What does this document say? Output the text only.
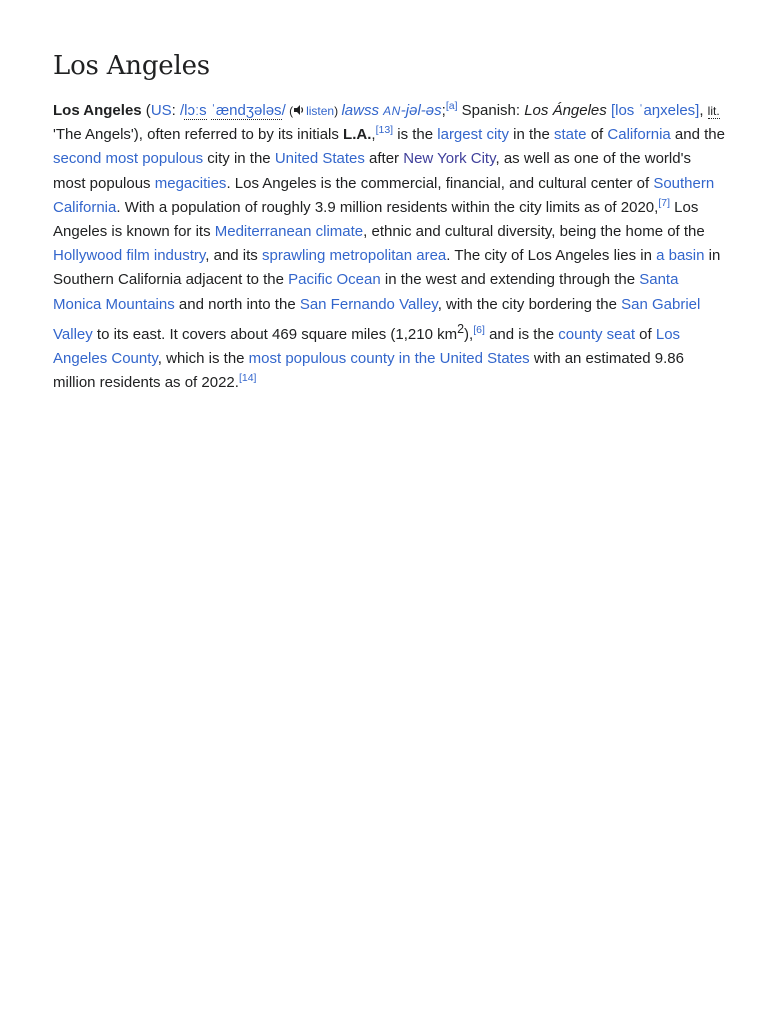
Los Angeles

Los Angeles (US: /lɔːs ˈændʒələs/ ( listen) lawss AN-jəl-əs;[a] Spanish: Los Ángeles [los ˈaŋxeles], lit. 'The Angels'), often referred to by its initials L.A.,[13] is the largest city in the state of California and the second most populous city in the United States after New York City, as well as one of the world's most populous megacities. Los Angeles is the commercial, financial, and cultural center of Southern California. With a population of roughly 3.9 million residents within the city limits as of 2020,[7] Los Angeles is known for its Mediterranean climate, ethnic and cultural diversity, being the home of the Hollywood film industry, and its sprawling metropolitan area. The city of Los Angeles lies in a basin in Southern California adjacent to the Pacific Ocean in the west and extending through the Santa Monica Mountains and north into the San Fernando Valley, with the city bordering the San Gabriel Valley to its east. It covers about 469 square miles (1,210 $km^2),[6]$ and is the county seat of Los Angeles County, which is the most populous county in the United States with an estimated 9.86 million residents as of 2022.[14]
